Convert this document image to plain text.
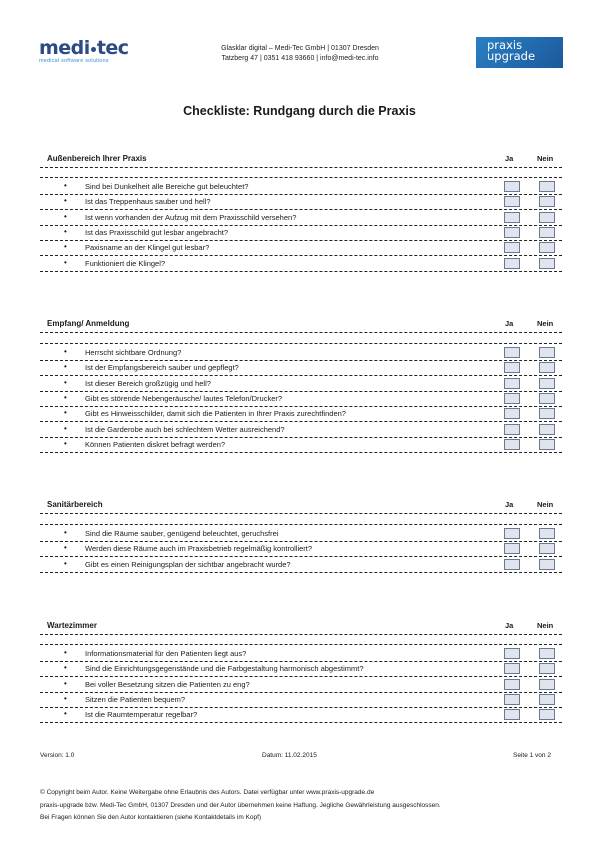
medi tec
medical software solutions
Glasklar digital – Medi-Tec GmbH | 01307 Dresden
Tatzberg 47 | 0351 418 93660 | info@medi-tec.info
praxis
upgrade
Checkliste: Rundgang durch die Praxis
Außenbereich Ihrer Praxis	Ja	Nein
• Sind bei Dunkelheit alle Bereiche gut beleuchtet?
• Ist das Treppenhaus sauber und hell?
• Ist wenn vorhanden der Aufzug mit dem Praxisschild versehen?
• Ist das Praxisschild gut lesbar angebracht?
• Paxisname an der Klingel gut lesbar?
• Funktioniert die Klingel?
Empfang/ Anmeldung	Ja	Nein
• Herrscht sichtbare Ordnung?
• Ist der Empfangsbereich sauber und gepflegt?
• Ist dieser Bereich großzügig und hell?
• Gibt es störende Nebengeräusche/ lautes Telefon/Drucker?
• Gibt es Hinweisschilder, damit sich die Patienten in Ihrer Praxis zurechtfinden?
• Ist die Garderobe auch bei schlechtem Wetter ausreichend?
• Können Patienten diskret befragt werden?
Sanitärbereich	Ja	Nein
• Sind die Räume sauber, genügend beleuchtet, geruchsfrei
• Werden diese Räume auch im Praxisbetrieb regelmäßig kontrolliert?
• Gibt es einen Reinigungsplan der sichtbar angebracht wurde?
Wartezimmer	Ja	Nein
• Informationsmaterial für den Patienten liegt aus?
• Sind die Einrichtungsgegenstände und die Farbgestaltung harmonisch abgestimmt?
• Bei voller Besetzung sitzen die Patienten zu eng?
• Sitzen die Patienten bequem?
• Ist die Raumtemperatur regelbar?
Version: 1.0	Datum: 11.02.2015	Seite 1 von 2
© Copyright beim Autor. Keine Weitergabe ohne Erlaubnis des Autors. Datei verfügbar unter www.praxis-upgrade.de
praxis-upgrade bzw. Medi-Tec GmbH, 01307 Dresden und der Autor übernehmen keine Haftung. Jegliche Gewährleistung ausgeschlossen.
Bei Fragen können Sie den Autor kontaktieren (siehe Kontaktdetails im Kopf)
